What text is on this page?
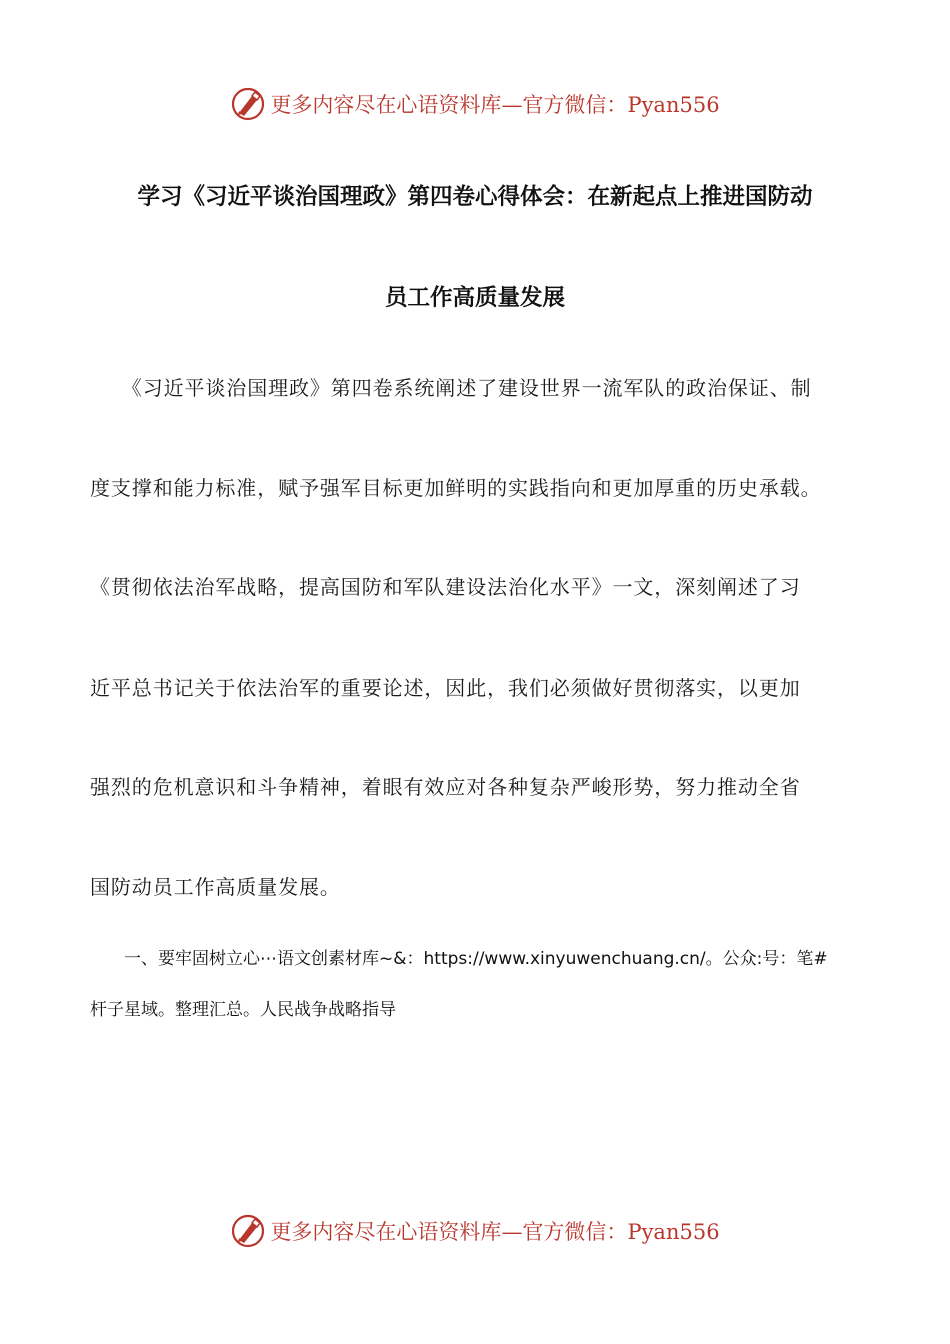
更多内容尽在心语资料库—官方微信：Pyan556
学习《习近平谈治国理政》第四卷心得体会：在新起点上推进国防动
员工作高质量发展
　　《习近平谈治国理政》第四卷系统阐述了建设世界一流军队的政治保证、制
度支撑和能力标准，赋予强军目标更加鲜明的实践指向和更加厚重的历史承载。
《贯彻依法治军战略，提高国防和军队建设法治化水平》一文，深刻阐述了习
近平总书记关于依法治军的重要论述，因此，我们必须做好贯彻落实，以更加
强烈的危机意识和斗争精神，着眼有效应对各种复杂严峻形势，努力推动全省
国防动员工作高质量发展。
　　一、要牢固树立心⋯语文创素材库~&：https://www.xinyuwenchuang.cn/。公众:号：笔#
杆子星域。整理汇总。人民战争战略指导
更多内容尽在心语资料库—官方微信：Pyan556
